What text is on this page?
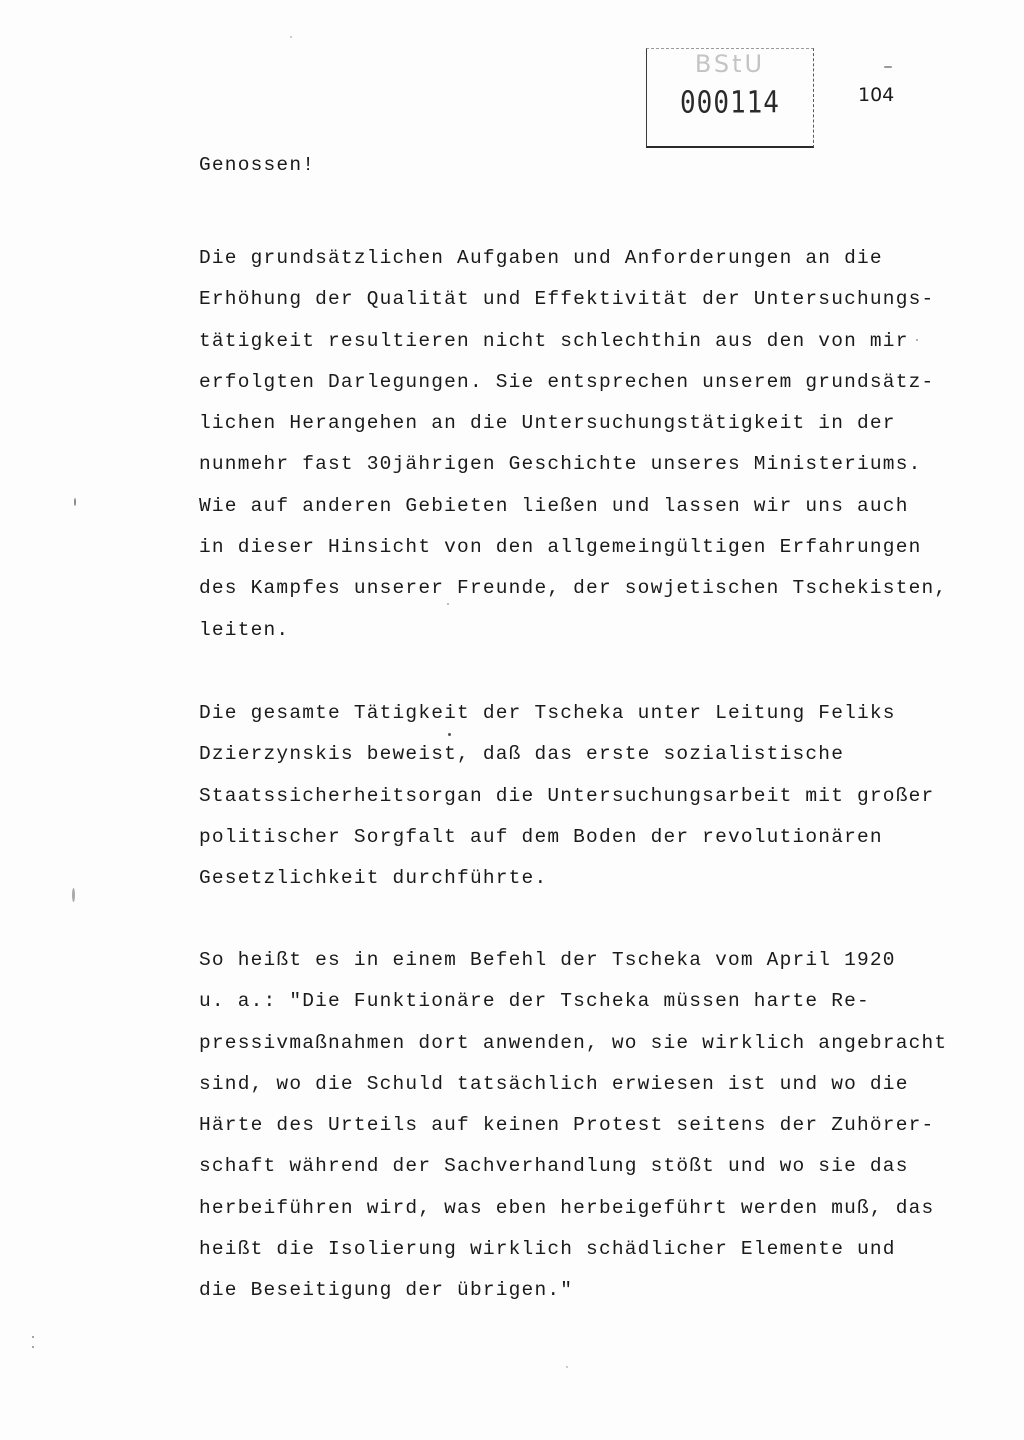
BStU
000114	104
Genossen!
Die grundsätzlichen Aufgaben und Anforderungen an die
Erhöhung der Qualität und Effektivität der Untersuchungs-
tätigkeit resultieren nicht schlechthin aus den von mir
erfolgten Darlegungen. Sie entsprechen unserem grundsätz-
lichen Herangehen an die Untersuchungstätigkeit in der
nunmehr fast 30jährigen Geschichte unseres Ministeriums.
Wie auf anderen Gebieten ließen und lassen wir uns auch
in dieser Hinsicht von den allgemeingültigen Erfahrungen
des Kampfes unserer Freunde, der sowjetischen Tschekisten,
leiten.
Die gesamte Tätigkeit der Tscheka unter Leitung Feliks
Dzierzynskis beweist, daß das erste sozialistische
Staatssicherheitsorgan die Untersuchungsarbeit mit großer
politischer Sorgfalt auf dem Boden der revolutionären
Gesetzlichkeit durchführte.
So heißt es in einem Befehl der Tscheka vom April 1920
u. a.: "Die Funktionäre der Tscheka müssen harte Re-
pressivmaßnahmen dort anwenden, wo sie wirklich angebracht
sind, wo die Schuld tatsächlich erwiesen ist und wo die
Härte des Urteils auf keinen Protest seitens der Zuhörer-
schaft während der Sachverhandlung stößt und wo sie das
herbeiführen wird, was eben herbeigeführt werden muß, das
heißt die Isolierung wirklich schädlicher Elemente und
die Beseitigung der übrigen."
